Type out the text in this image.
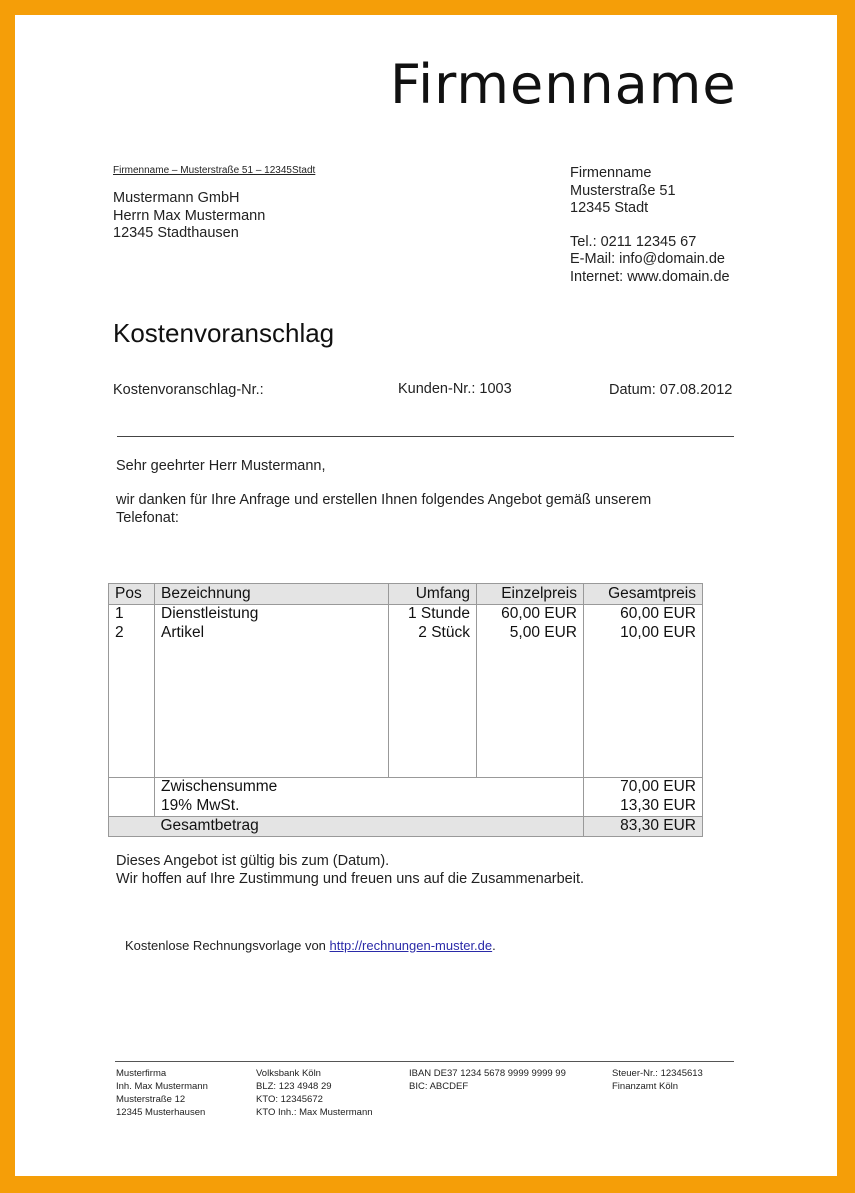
Firmenname
Firmenname – Musterstraße 51 – 12345Stadt
Mustermann GmbH
Herrn Max Mustermann
12345 Stadthausen
Firmenname
Musterstraße 51
12345 Stadt
Tel.: 0211 12345 67
E-Mail: info@domain.de
Internet: www.domain.de
Kostenvoranschlag
Kostenvoranschlag-Nr.:	Kunden-Nr.: 1003	Datum: 07.08.2012
Sehr geehrter Herr Mustermann,
wir danken für Ihre Anfrage und erstellen Ihnen folgendes Angebot gemäß unserem
Telefonat:
Pos	Bezeichnung	Umfang	Einzelpreis	Gesamtpreis
1	Dienstleistung	1 Stunde	60,00 EUR	60,00 EUR
2	Artikel	2 Stück	5,00 EUR	10,00 EUR

	Zwischensumme			70,00 EUR
	19% MwSt.			13,30 EUR
	Gesamtbetrag			83,30 EUR
Dieses Angebot ist gültig bis zum (Datum).
Wir hoffen auf Ihre Zustimmung und freuen uns auf die Zusammenarbeit.
Kostenlose Rechnungsvorlage von http://rechnungen-muster.de.
Musterfirma
Inh. Max Mustermann
Musterstraße 12
12345 Musterhausen
Volksbank Köln
BLZ: 123 4948 29
KTO: 12345672
KTO Inh.: Max Mustermann
IBAN DE37 1234 5678 9999 9999 99
BIC: ABCDEF
Steuer-Nr.: 12345613
Finanzamt Köln
